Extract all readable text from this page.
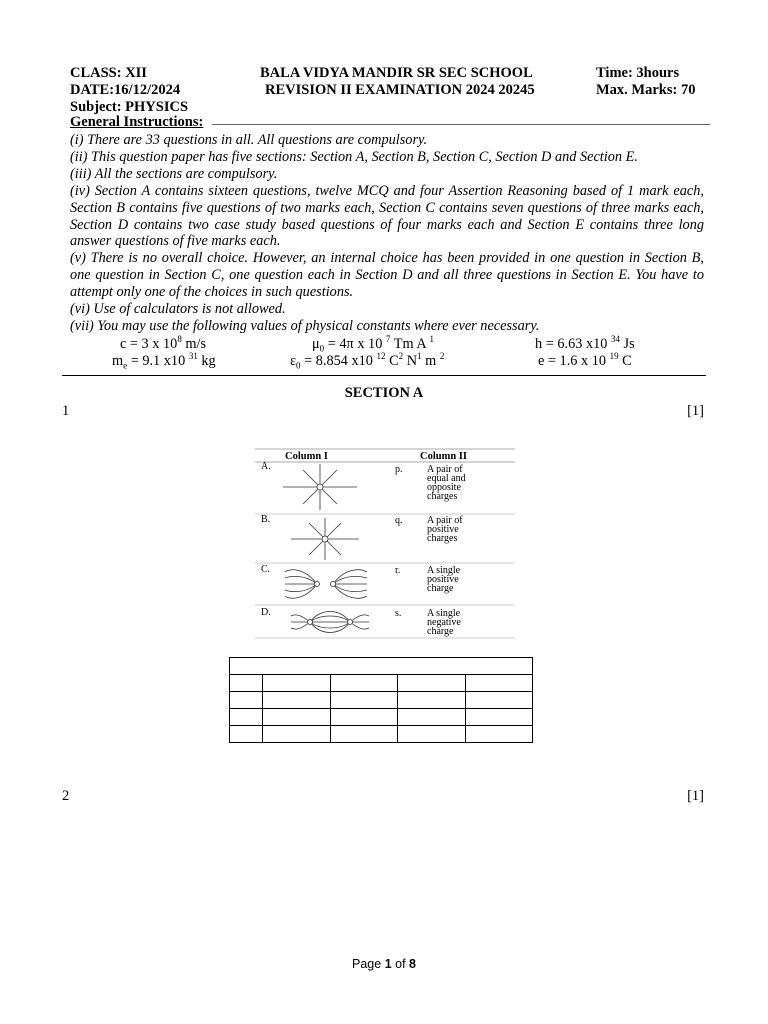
CLASS: XII	BALA VIDYA MANDIR SR SEC SCHOOL	Time: 3hours
DATE:16/12/2024	REVISION II EXAMINATION 2024 20245	Max. Marks: 70
Subject: PHYSICS
General Instructions:

(i) There are 33 questions in all. All questions are compulsory.

(ii) This question paper has five sections: Section A, Section B, Section C, Section D and Section E.

(iii) All the sections are compulsory.

(iv) Section A contains sixteen questions, twelve MCQ and four Assertion Reasoning based of 1 mark each, Section B contains five questions of two marks each, Section C contains seven questions of three marks each, Section D contains two case study based questions of four marks each and Section E contains three long answer questions of five marks each.

(v) There is no overall choice. However, an internal choice has been provided in one question in Section B, one question in Section C, one question each in Section D and all three questions in Section E. You have to attempt only one of the choices in such questions.

(vi) Use of calculators is not allowed.

(vii) You may use the following values of physical constants where ever necessary.

c = 3 x $10^8$ m/s	$\mu_0 = 4\pi$ x 10 $^7$ Tm A $^1$	h = 6.63 x10 $^{34}$ Js
$m_e = 9.1$ x10 $^{31}$ kg	$\varepsilon_0 = 8.854$ x10 $^{12}$ $C^2$ $N^1$ m $^2$	e = 1.6 x 10 $^{19}$ C
SECTION A
1	[1]
Column I	Column II
A.	p. A pair of
equal and
opposite
charges
B.	q. A pair of
positive
charges
C.	r.	A single
positive
charge
D.	s.	A single
negative
charge

2	[1]
Page 1 of 8
